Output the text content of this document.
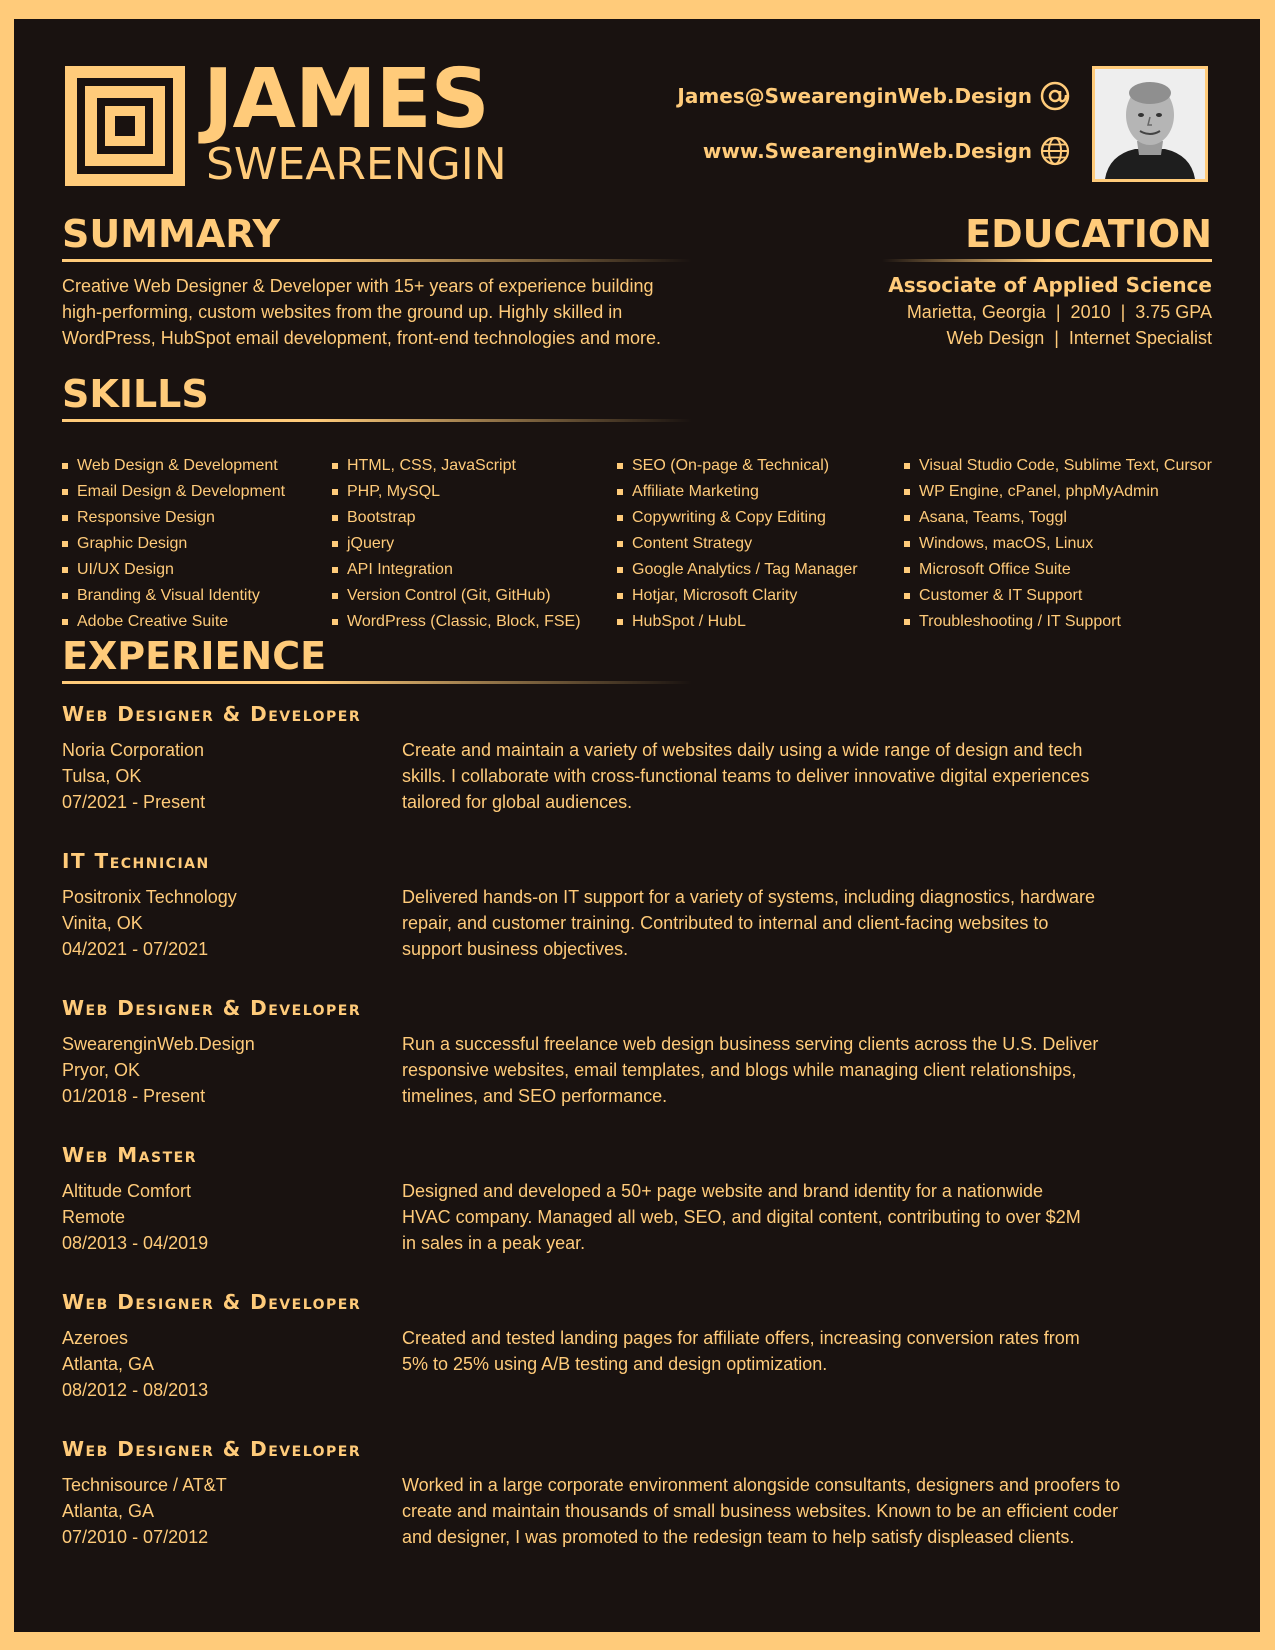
JAMES
SWEARENGIN
James@SwearenginWeb.Design
www.SwearenginWeb.Design
SUMMARY
Creative Web Designer & Developer with 15+ years of experience building
high-performing, custom websites from the ground up. Highly skilled in
WordPress, HubSpot email development, front-end technologies and more.
EDUCATION
Associate of Applied Science
Marietta, Georgia  |  2010  |  3.75 GPA
Web Design  |  Internet Specialist
SKILLS
Web Design & Development
Email Design & Development
Responsive Design
Graphic Design
UI/UX Design
Branding & Visual Identity
Adobe Creative Suite
HTML, CSS, JavaScript
PHP, MySQL
Bootstrap
jQuery
API Integration
Version Control (Git, GitHub)
WordPress (Classic, Block, FSE)
SEO (On-page & Technical)
Affiliate Marketing
Copywriting & Copy Editing
Content Strategy
Google Analytics / Tag Manager
Hotjar, Microsoft Clarity
HubSpot / HubL
Visual Studio Code, Sublime Text, Cursor
WP Engine, cPanel, phpMyAdmin
Asana, Teams, Toggl
Windows, macOS, Linux
Microsoft Office Suite
Customer & IT Support
Troubleshooting / IT Support
EXPERIENCE
Web Designer & Developer
Noria Corporation
Tulsa, OK
07/2021 - Present
Create and maintain a variety of websites daily using a wide range of design and tech
skills. I collaborate with cross-functional teams to deliver innovative digital experiences
tailored for global audiences.
IT Technician
Positronix Technology
Vinita, OK
04/2021 - 07/2021
Delivered hands-on IT support for a variety of systems, including diagnostics, hardware
repair, and customer training. Contributed to internal and client-facing websites to
support business objectives.
Web Designer & Developer
SwearenginWeb.Design
Pryor, OK
01/2018 - Present
Run a successful freelance web design business serving clients across the U.S. Deliver
responsive websites, email templates, and blogs while managing client relationships,
timelines, and SEO performance.
Web Master
Altitude Comfort
Remote
08/2013 - 04/2019
Designed and developed a 50+ page website and brand identity for a nationwide
HVAC company. Managed all web, SEO, and digital content, contributing to over $2M
in sales in a peak year.
Web Designer & Developer
Azeroes
Atlanta, GA
08/2012 - 08/2013
Created and tested landing pages for affiliate offers, increasing conversion rates from
5% to 25% using A/B testing and design optimization.
Web Designer & Developer
Technisource / AT&T
Atlanta, GA
07/2010 - 07/2012
Worked in a large corporate environment alongside consultants, designers and proofers to
create and maintain thousands of small business websites. Known to be an efficient coder
and designer, I was promoted to the redesign team to help satisfy displeased clients.
